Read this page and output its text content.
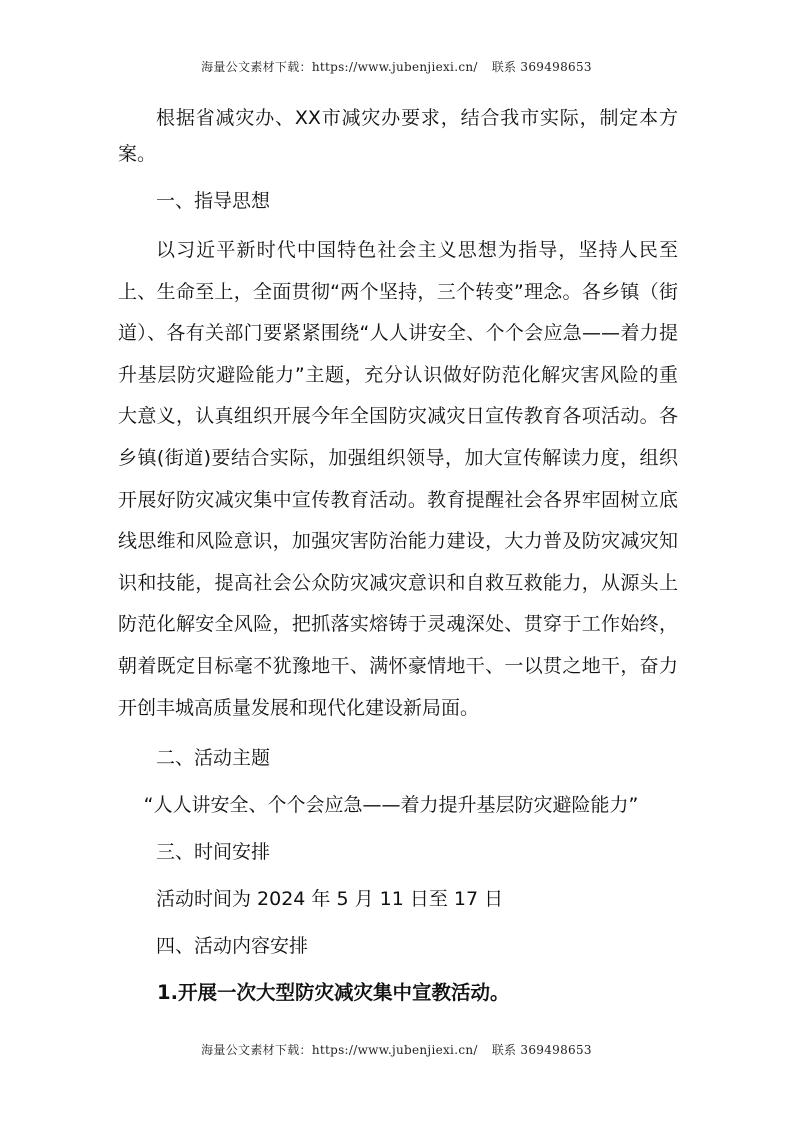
海量公文素材下载：https://www.jubenjiexi.cn/ 联系 369498653

根据省减灾办、XX市减灾办要求，结合我市实际，制定本方案。

一、指导思想

以习近平新时代中国特色社会主义思想为指导，坚持人民至上、生命至上，全面贯彻“两个坚持，三个转变”理念。各乡镇（街道）、各有关部门要紧紧围绕“人人讲安全、个个会应急——着力提升基层防灾避险能力”主题，充分认识做好防范化解灾害风险的重大意义，认真组织开展今年全国防灾减灾日宣传教育各项活动。各乡镇(街道)要结合实际，加强组织领导，加大宣传解读力度，组织开展好防灾减灾集中宣传教育活动。教育提醒社会各界牢固树立底线思维和风险意识，加强灾害防治能力建设，大力普及防灾减灾知识和技能，提高社会公众防灾减灾意识和自救互救能力，从源头上防范化解安全风险，把抓落实熔铸于灵魂深处、贯穿于工作始终，朝着既定目标毫不犹豫地干、满怀豪情地干、一以贯之地干，奋力开创丰城高质量发展和现代化建设新局面。

二、活动主题

“人人讲安全、个个会应急——着力提升基层防灾避险能力”

三、时间安排

活动时间为 2024 年 5 月 11 日至 17 日

四、活动内容安排

1.开展一次大型防灾减灾集中宣教活动。

海量公文素材下载：https://www.jubenjiexi.cn/ 联系 369498653
